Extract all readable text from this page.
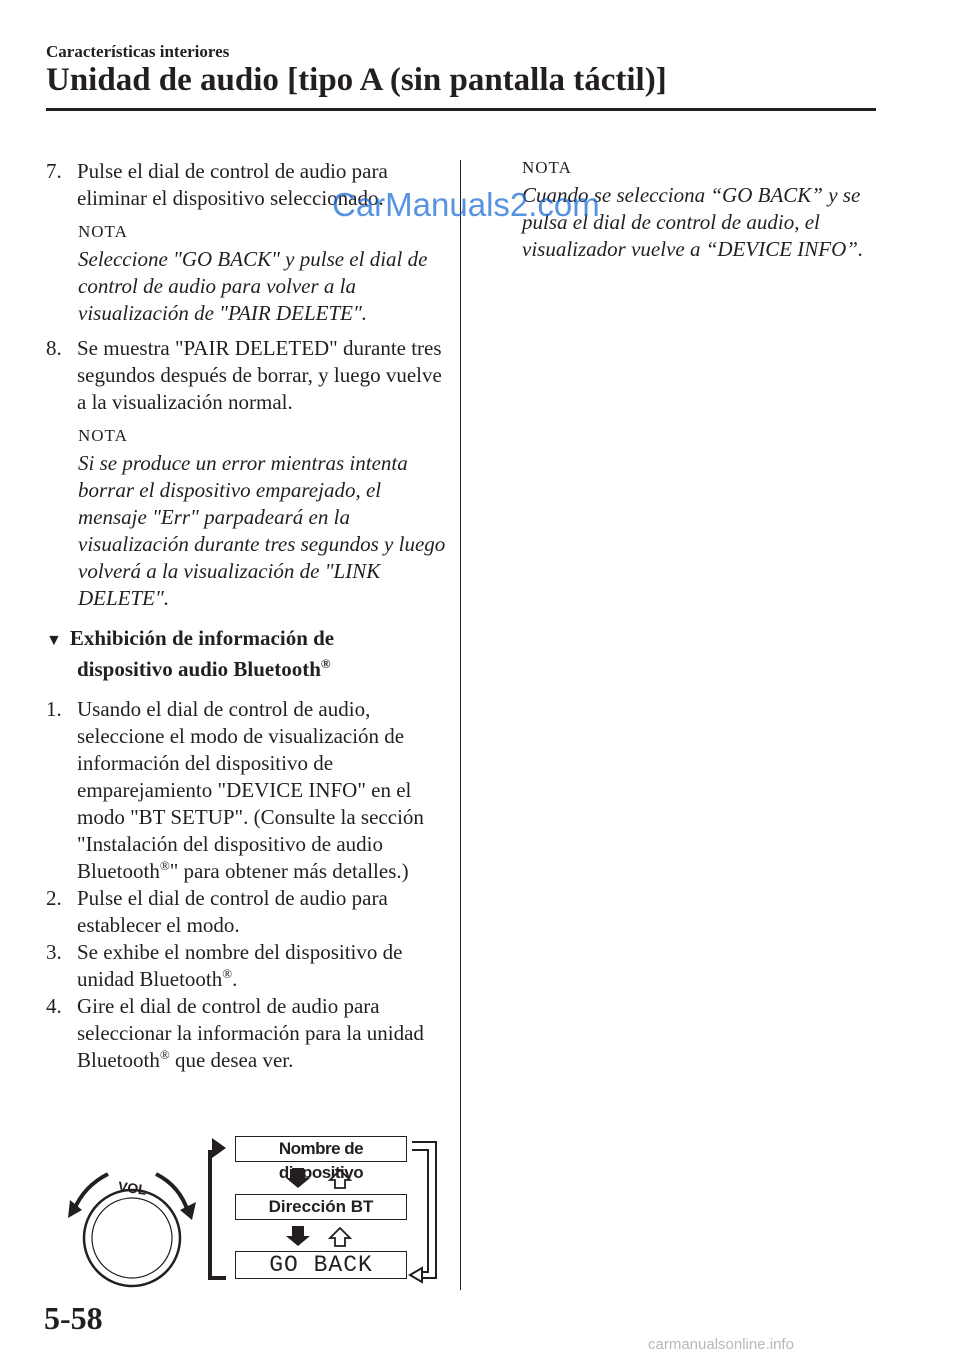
Características interiores
Unidad de audio [tipo A (sin pantalla táctil)]

7. Pulse el dial de control de audio para eliminar el dispositivo seleccionado.

NOTA

Seleccione "GO BACK" y pulse el dial de control de audio para volver a la visualización de "PAIR DELETE".

8. Se muestra "PAIR DELETED" durante tres segundos después de borrar, y luego vuelve a la visualización normal.

NOTA

Si se produce un error mientras intenta borrar el dispositivo emparejado, el mensaje "Err" parpadeará en la visualización durante tres segundos y luego volverá a la visualización de "LINK DELETE".

▼ Exhibición de información de
dispositivo audio Bluetooth®

1. Usando el dial de control de audio, seleccione el modo de visualización de información del dispositivo de emparejamiento "DEVICE INFO" en el modo "BT SETUP". (Consulte la sección "Instalación del dispositivo de audio Bluetooth®" para obtener más detalles.)

2. Pulse el dial de control de audio para establecer el modo.

3. Se exhibe el nombre del dispositivo de unidad Bluetooth®.

4. Gire el dial de control de audio para seleccionar la información para la unidad Bluetooth® que desea ver.

NOTA

Cuando se selecciona “GO BACK” y se pulsa el dial de control de audio, el visualizador vuelve a “DEVICE INFO”.

CarManuals2.com
VOL
Nombre de dispositivo
Dirección BT
GO BACK
5-58
carmanualsonline.info
